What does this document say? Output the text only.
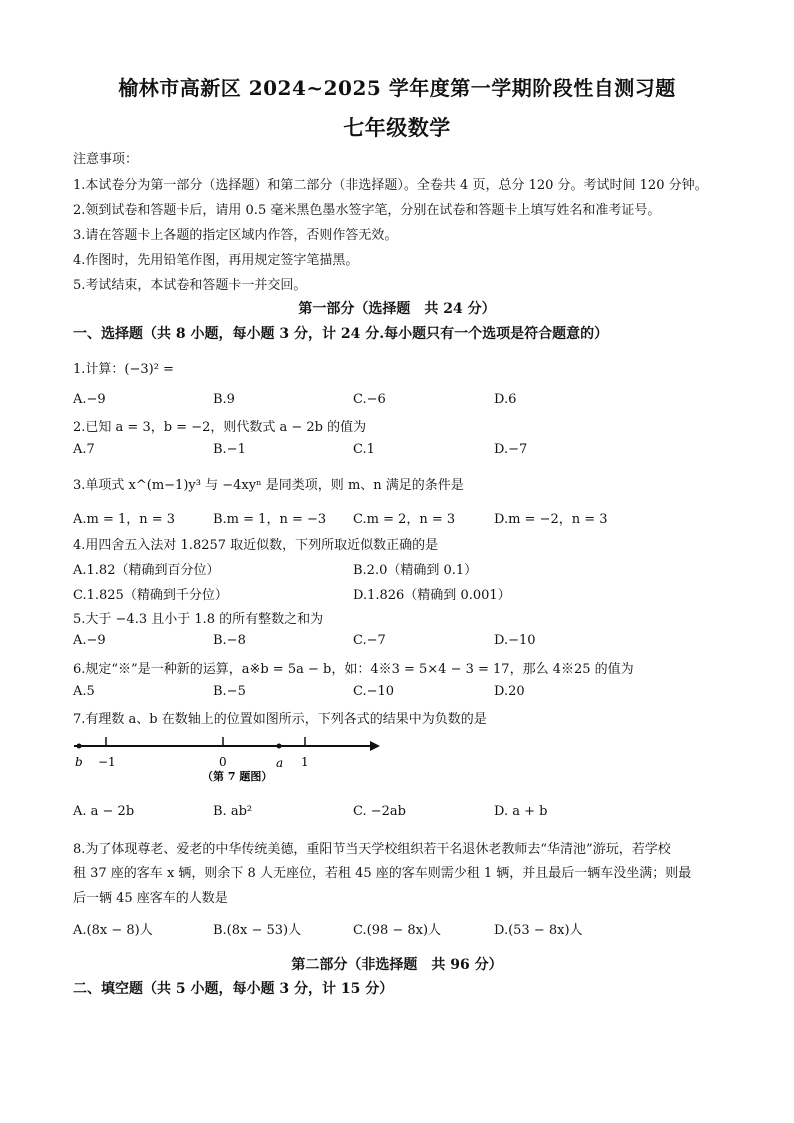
榆林市高新区 2024~2025 学年度第一学期阶段性自测习题
七年级数学
注意事项：
1.本试卷分为第一部分（选择题）和第二部分（非选择题）。全卷共 4 页，总分 120 分。考试时间 120 分钟。
2.领到试卷和答题卡后，请用 0.5 毫米黑色墨水签字笔，分别在试卷和答题卡上填写姓名和准考证号。
3.请在答题卡上各题的指定区域内作答，否则作答无效。
4.作图时，先用铅笔作图，再用规定签字笔描黑。
5.考试结束，本试卷和答题卡一并交回。
第一部分（选择题　共 24 分）
一、选择题（共 8 小题，每小题 3 分，计 24 分.每小题只有一个选项是符合题意的）
1.计算：(−3)² =
A.−9	B.9	C.−6	D.6
2.已知 a = 3，b = −2，则代数式 a − 2b 的值为
A.7	B.−1	C.1	D.−7
3.单项式 x^(m−1)y³ 与 −4xyⁿ 是同类项，则 m、n 满足的条件是
A.m = 1，n = 3	B.m = 1，n = −3 C.m = 2，n = 3	D.m = −2，n = 3
4.用四舍五入法对 1.8257 取近似数，下列所取近似数正确的是
A.1.82（精确到百分位）	B.2.0（精确到 0.1）
C.1.825（精确到千分位）	D.1.826（精确到 0.001）
5.大于 −4.3 且小于 1.8 的所有整数之和为
A.−9	B.−8	C.−7	D.−10
6.规定“※”是一种新的运算，a※b = 5a − b，如：4※3 = 5×4 − 3 = 17，那么 4※25 的值为
A.5	B.−5	C.−10	D.20
7.有理数 a、b 在数轴上的位置如图所示，下列各式的结果中为负数的是
b −1	0	a 1
（第 7 题图）
A. a − 2b	B. ab²	C. −2ab	D. a + b
8.为了体现尊老、爱老的中华传统美德，重阳节当天学校组织若干名退休老教师去“华清池”游玩，若学校
租 37 座的客车 x 辆，则余下 8 人无座位，若租 45 座的客车则需少租 1 辆，并且最后一辆车没坐满；则最
后一辆 45 座客车的人数是
A.(8x − 8)人	B.(8x − 53)人	C.(98 − 8x)人	D.(53 − 8x)人
第二部分（非选择题　共 96 分）
二、填空题（共 5 小题，每小题 3 分，计 15 分）
